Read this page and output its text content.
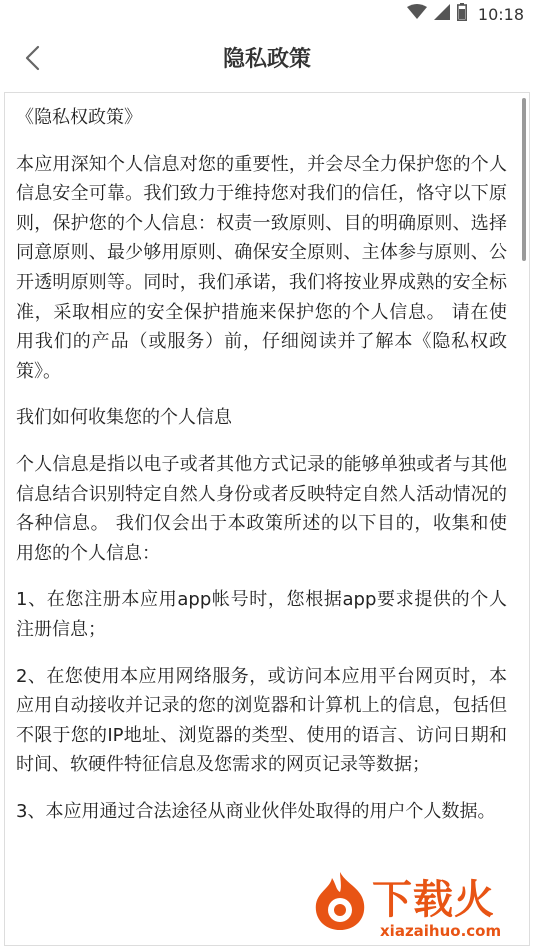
10:18
隐私政策

《隐私权政策》

本应用深知个人信息对您的重要性，并会尽全力保护您的个人信息安全可靠。我们致力于维持您对我们的信任，恪守以下原则，保护您的个人信息：权责一致原则、目的明确原则、选择同意原则、最少够用原则、确保安全原则、主体参与原则、公开透明原则等。同时，我们承诺，我们将按业界成熟的安全标准，采取相应的安全保护措施来保护您的个人信息。 请在使用我们的产品（或服务）前，仔细阅读并了解本《隐私权政策》。

我们如何收集您的个人信息

个人信息是指以电子或者其他方式记录的能够单独或者与其他信息结合识别特定自然人身份或者反映特定自然人活动情况的各种信息。 我们仅会出于本政策所述的以下目的，收集和使用您的个人信息：

1、在您注册本应用app帐号时，您根据app要求提供的个人注册信息；

2、在您使用本应用网络服务，或访问本应用平台网页时，本应用自动接收并记录的您的浏览器和计算机上的信息，包括但不限于您的IP地址、浏览器的类型、使用的语言、访问日期和时间、软硬件特征信息及您需求的网页记录等数据；

3、本应用通过合法途径从商业伙伴处取得的用户个人数据。

下载火
xiazaihuo.com
